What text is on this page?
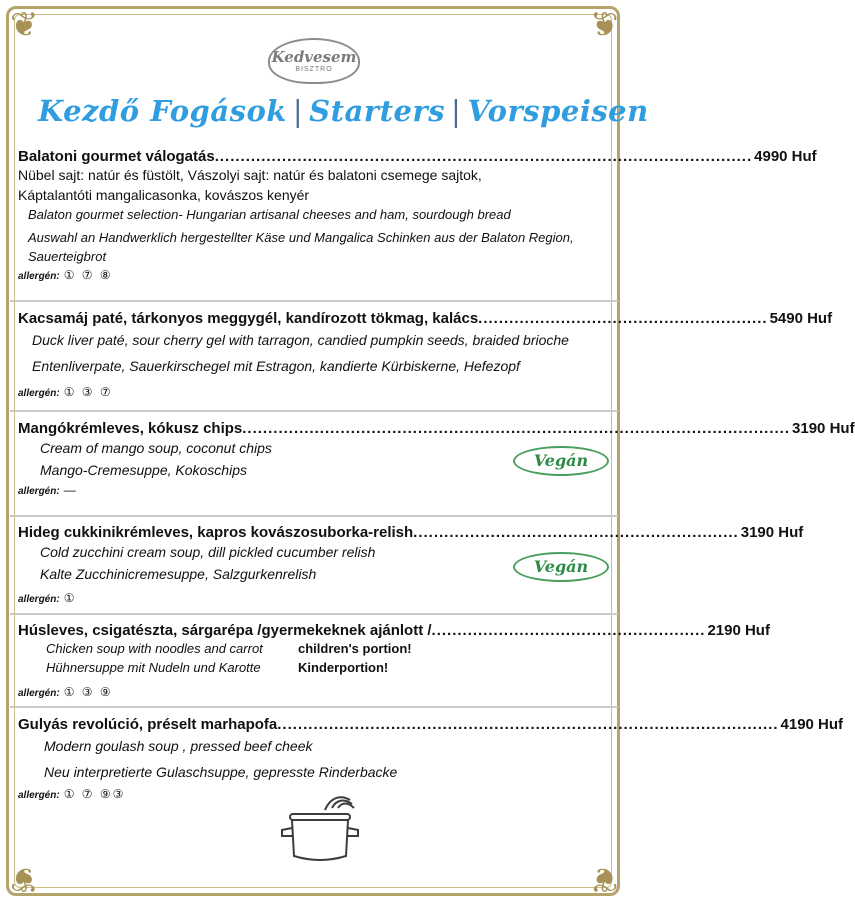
❦	❦
❦	❦
Kedvesem
BISZTRO
Kezdő Fogások | Starters | Vorspeisen
Balatoni gourmet válogatás ........................................................................................................ 4990 Huf
Nübel sajt: natúr és füstölt, Vászolyi sajt: natúr és balatoni csemege sajtok,
Káptalantóti mangalicasonka, kovászos kenyér
Balaton gourmet selection- Hungarian artisanal cheeses and ham, sourdough bread
Auswahl an Handwerklich hergestellter Käse und Mangalica Schinken aus der Balaton Region,
Sauerteigbrot
allergén: ① ⑦ ⑧
Kacsamáj paté, tárkonyos meggygél, kandírozott tökmag, kalács ........................................................ 5490 Huf
Duck liver paté, sour cherry gel with tarragon, candied pumpkin seeds, braided brioche
Entenliverpate, Sauerkirschegel mit Estragon, kandierte Kürbiskerne, Hefezopf
allergén: ① ③ ⑦
Mangókrémleves, kókusz chips .......................................................................................................... 3190 Huf
Cream of mango soup, coconut chips
Mango-Cremesuppe, Kokoschips
allergén: —
Vegán
Hideg cukkinikrémleves, kapros kovászosuborka-relish ............................................................... 3190 Huf
Cold zucchini cream soup, dill pickled cucumber relish
Kalte Zucchinicremesuppe, Salzgurkenrelish
allergén: ①
Vegán
Húsleves, csigatészta, sárgarépa /gyermekeknek ajánlott / ..................................................... 2190 Huf
Chicken soup with noodles and carrot
Hühnersuppe mit Nudeln und Karotte
children's portion!
Kinderportion!
allergén: ① ③ ⑨
Gulyás revolúció, préselt marhapofa ................................................................................................. 4190 Huf
Modern goulash soup , pressed beef cheek
Neu interpretierte Gulaschsuppe, gepresste Rinderbacke
allergén: ① ⑦ ⑨③
